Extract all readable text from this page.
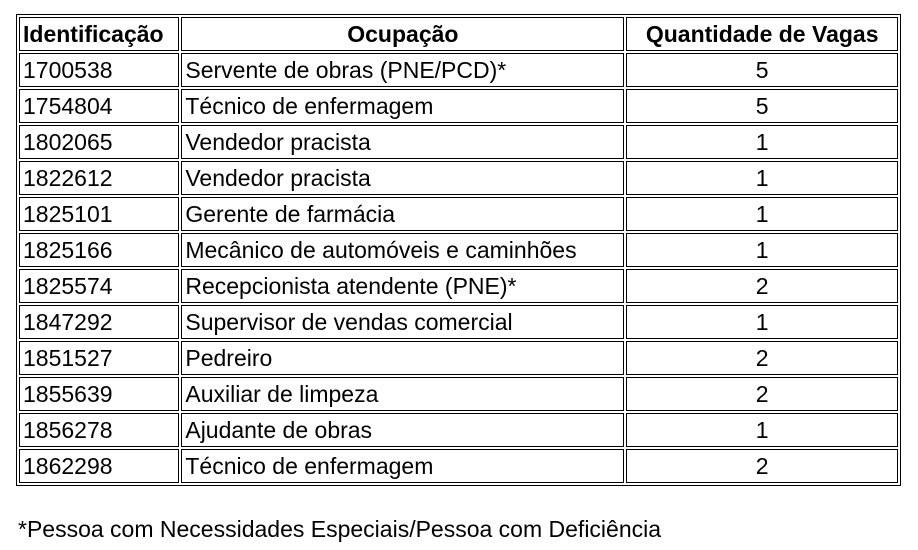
Identificação	Ocupação	Quantidade de Vagas
1700538	Servente de obras (PNE/PCD)*	5
1754804	Técnico de enfermagem	5
1802065	Vendedor pracista	1
1822612	Vendedor pracista	1
1825101	Gerente de farmácia	1
1825166	Mecânico de automóveis e caminhões	1
1825574	Recepcionista atendente (PNE)*	2
1847292	Supervisor de vendas comercial	1
1851527	Pedreiro	2
1855639	Auxiliar de limpeza	2
1856278	Ajudante de obras	1
1862298	Técnico de enfermagem	2
*Pessoa com Necessidades Especiais/Pessoa com Deficiência
